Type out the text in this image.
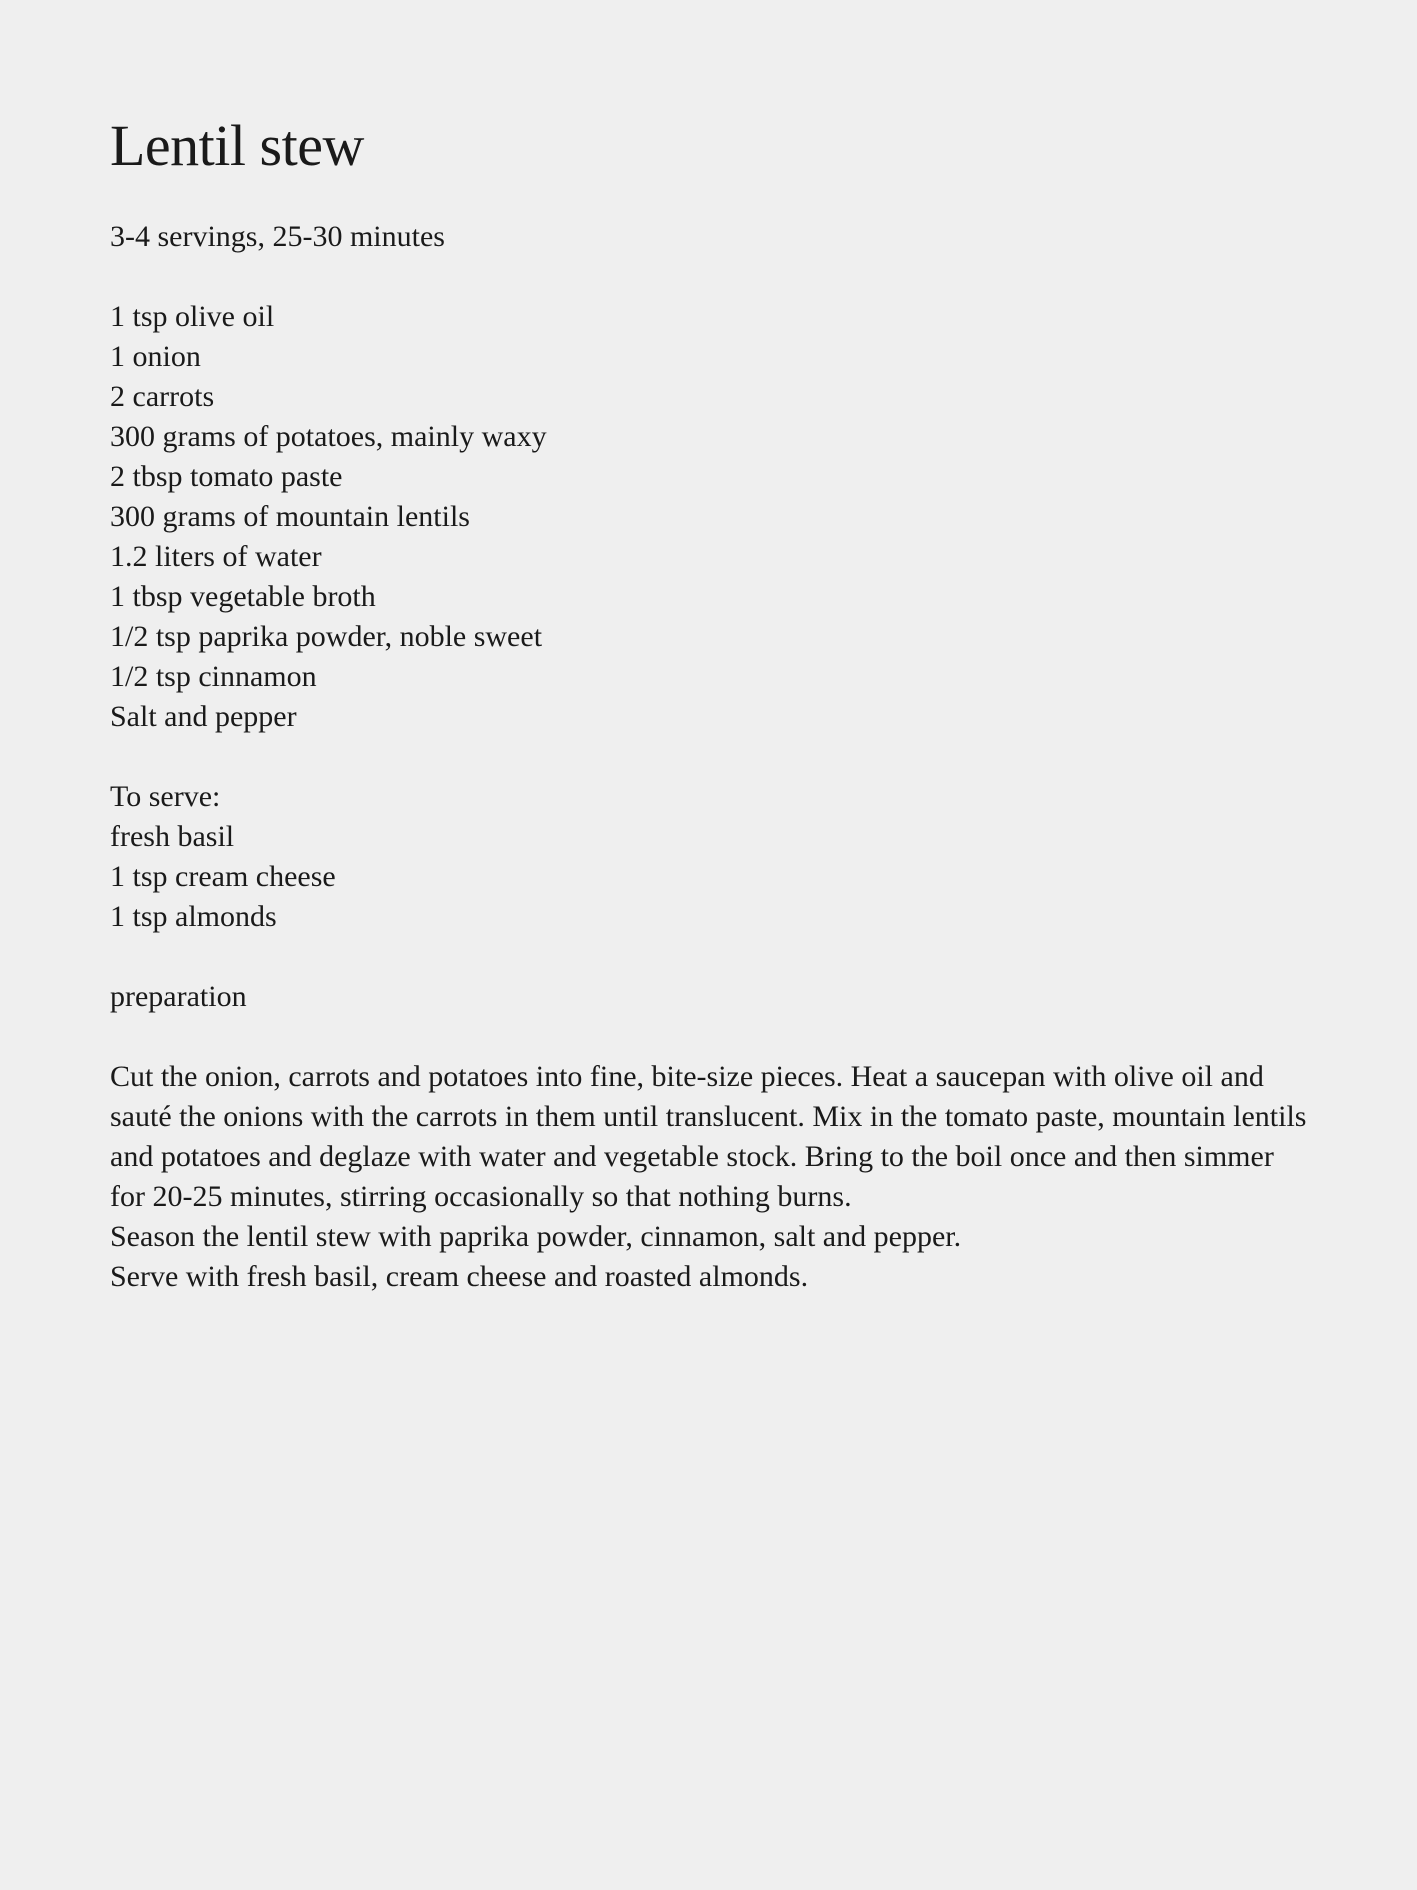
Lentil stew
3-4 servings, 25-30 minutes
1 tsp olive oil
1 onion
2 carrots
300 grams of potatoes, mainly waxy
2 tbsp tomato paste
300 grams of mountain lentils
1.2 liters of water
1 tbsp vegetable broth
1/2 tsp paprika powder, noble sweet
1/2 tsp cinnamon
Salt and pepper
To serve:
fresh basil
1 tsp cream cheese
1 tsp almonds
preparation

Cut the onion, carrots and potatoes into fine, bite-size pieces. Heat a saucepan with olive oil and sauté the onions with the carrots in them until translucent. Mix in the tomato paste, mountain lentils and potatoes and deglaze with water and vegetable stock. Bring to the boil once and then simmer for 20-25 minutes, stirring occasionally so that nothing burns.

Season the lentil stew with paprika powder, cinnamon, salt and pepper.

Serve with fresh basil, cream cheese and roasted almonds.
